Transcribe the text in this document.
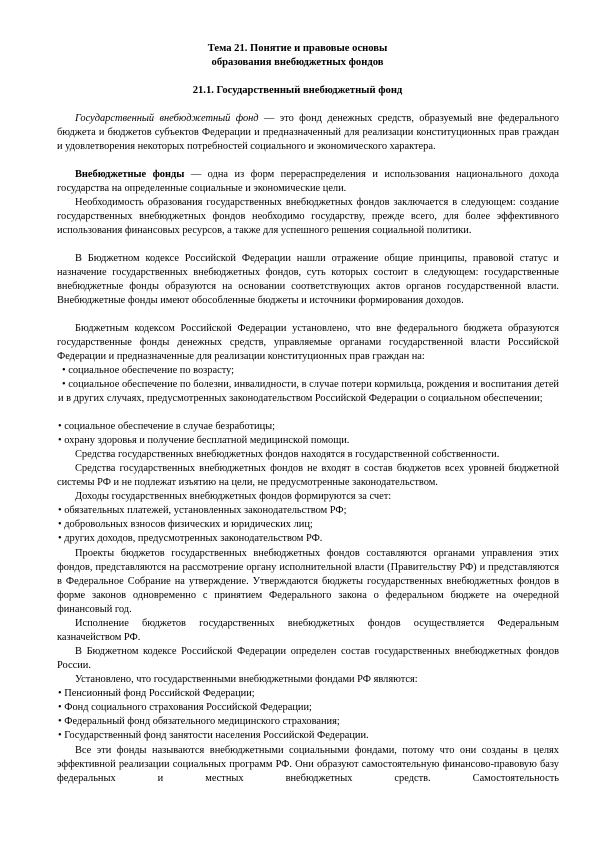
Тема 21. Понятие и правовые основы
образования внебюджетных фондов
21.1. Государственный внебюджетный фонд
Государственный внебюджетный фонд — это фонд денежных средств, образуемый вне федерального бюджета и бюджетов субъектов Федерации и предназначенный для реализации конституционных прав граждан и удовлетворения некоторых потребностей социального и экономического характера.
Внебюджетные фонды — одна из форм перераспределения и использования национального дохода государства на определенные социальные и экономические цели.
Необходимость образования государственных внебюджетных фондов заключается в следующем: создание государственных внебюджетных фондов необходимо государству, прежде всего, для более эффективного использования финансовых ресурсов, а также для успешного решения социальной политики.
В Бюджетном кодексе Российской Федерации нашли отражение общие принципы, правовой статус и назначение государственных внебюджетных фондов, суть которых состоит в следующем: государственные внебюджетные фонды образуются на основании соответствующих актов органов государственной власти. Внебюджетные фонды имеют обособленные бюджеты и источники формирования доходов.
Бюджетным кодексом Российской Федерации установлено, что вне федерального бюджета образуются государственные фонды денежных средств, управляемые органами государственной власти Российской Федерации и предназначенные для реализации конституционных прав граждан на:
• социальное обеспечение по возрасту;
• социальное обеспечение по болезни, инвалидности, в случае потери кормильца, рождения и воспитания детей и в других случаях, предусмотренных законодательством Российской Федерации о социальном обеспечении;
• социальное обеспечение в случае безработицы;
• охрану здоровья и получение бесплатной медицинской помощи.
Средства государственных внебюджетных фондов находятся в государственной собственности.
Средства государственных внебюджетных фондов не входят в состав бюджетов всех уровней бюджетной системы РФ и не подлежат изъятию на цели, не предусмотренные законодательством.
Доходы государственных внебюджетных фондов формируются за счет:
• обязательных платежей, установленных законодательством РФ;
• добровольных взносов физических и юридических лиц;
• других доходов, предусмотренных законодательством РФ.
Проекты бюджетов государственных внебюджетных фондов составляются органами управления этих фондов, представляются на рассмотрение органу исполнительной власти (Правительству РФ) и представляются в Федеральное Собрание на утверждение. Утверждаются бюджеты государственных внебюджетных фондов в форме законов одновременно с принятием Федерального закона о федеральном бюджете на очередной финансовый год.
Исполнение бюджетов государственных внебюджетных фондов осуществляется Федеральным казначейством РФ.
В Бюджетном кодексе Российской Федерации определен состав государственных внебюджетных фондов России.
Установлено, что государственными внебюджетными фондами РФ являются:
• Пенсионный фонд Российской Федерации;
• Фонд социального страхования Российской Федерации;
• Федеральный фонд обязательного медицинского страхования;
• Государственный фонд занятости населения Российской Федерации.
Все эти фонды называются внебюджетными социальными фондами, потому что они созданы в целях эффективной реализации социальных программ РФ. Они образуют самостоятельную финансово-правовую базу федеральных и местных внебюджетных средств. Самостоятельность
